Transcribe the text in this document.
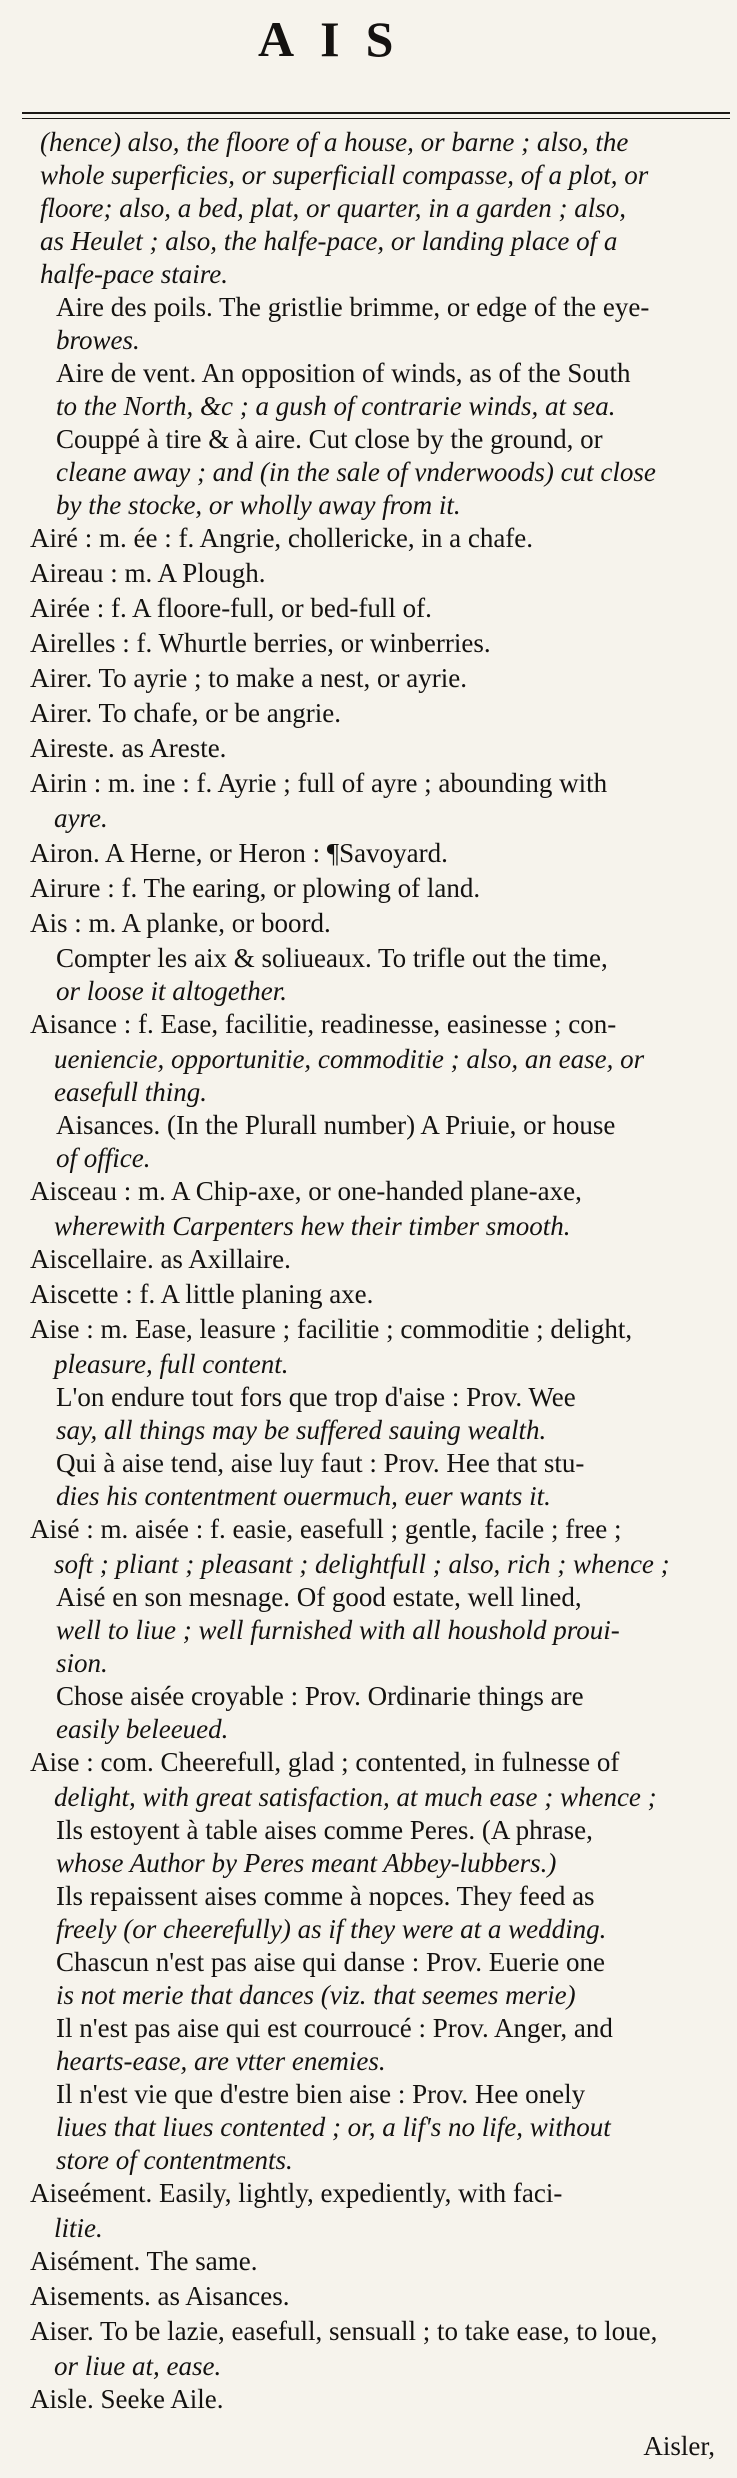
AIS
(hence) also, the floore of a house, or barne ; also, the
whole superficies, or superficiall compasse, of a plot, or
floore; also, a bed, plat, or quarter, in a garden ; also,
as Heulet ; also, the halfe-pace, or landing place of a
halfe-pace staire.
Aire des poils. The gristlie brimme, or edge of the eye-
browes.
Aire de vent. An opposition of winds, as of the South
to the North, &c ; a gush of contrarie winds, at sea.
Couppé à tire & à aire. Cut close by the ground, or
cleane away ; and (in the sale of vnderwoods) cut close
by the stocke, or wholly away from it.
Airé : m. ée : f. Angrie, chollericke, in a chafe.
Aireau : m. A Plough.
Airée : f. A floore-full, or bed-full of.
Airelles : f. Whurtle berries, or winberries.
Airer. To ayrie ; to make a nest, or ayrie.
Airer. To chafe, or be angrie.
Aireste. as Areste.
Airin : m. ine : f. Ayrie ; full of ayre ; abounding with
ayre.
Airon. A Herne, or Heron : ¶Savoyard.
Airure : f. The earing, or plowing of land.
Ais : m. A planke, or boord.
Compter les aix & soliueaux. To trifle out the time,
or loose it altogether.
Aisance : f. Ease, facilitie, readinesse, easinesse ; con-
ueniencie, opportunitie, commoditie ; also, an ease, or
easefull thing.
Aisances. (In the Plurall number) A Priuie, or house
of office.
Aisceau : m. A Chip-axe, or one-handed plane-axe,
wherewith Carpenters hew their timber smooth.
Aiscellaire. as Axillaire.
Aiscette : f. A little planing axe.
Aise : m. Ease, leasure ; facilitie ; commoditie ; delight,
pleasure, full content.
L'on endure tout fors que trop d'aise : Prov. Wee
say, all things may be suffered sauing wealth.
Qui à aise tend, aise luy faut : Prov. Hee that stu-
dies his contentment ouermuch, euer wants it.
Aisé : m. aisée : f. easie, easefull ; gentle, facile ; free ;
soft ; pliant ; pleasant ; delightfull ; also, rich ; whence ;
Aisé en son mesnage. Of good estate, well lined,
well to liue ; well furnished with all houshold proui-
sion.
Chose aisée croyable : Prov. Ordinarie things are
easily beleeued.
Aise : com. Cheerefull, glad ; contented, in fulnesse of
delight, with great satisfaction, at much ease ; whence ;
Ils estoyent à table aises comme Peres. (A phrase,
whose Author by Peres meant Abbey-lubbers.)
Ils repaissent aises comme à nopces. They feed as
freely (or cheerefully) as if they were at a wedding.
Chascun n'est pas aise qui danse : Prov. Euerie one
is not merie that dances (viz. that seemes merie)
Il n'est pas aise qui est courroucé : Prov. Anger, and
hearts-ease, are vtter enemies.
Il n'est vie que d'estre bien aise : Prov. Hee onely
liues that liues contented ; or, a lif's no life, without
store of contentments.
Aiseément. Easily, lightly, expediently, with faci-
litie.
Aisément. The same.
Aisements. as Aisances.
Aiser. To be lazie, easefull, sensuall ; to take ease, to loue,
or liue at, ease.
Aisle. Seeke Aile.
Aisler,
